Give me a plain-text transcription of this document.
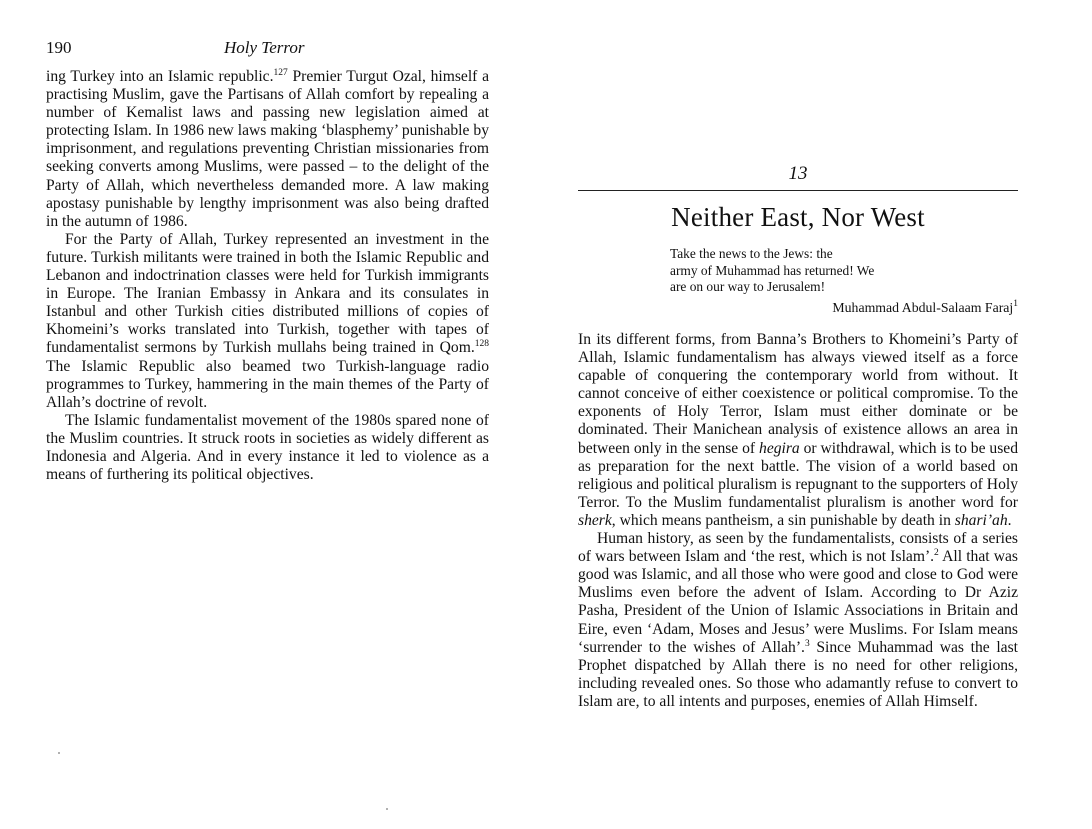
190	Holy Terror

ing Turkey into an Islamic republic.$^{127}$ Premier Turgut Ozal, himself a practising Muslim, gave the Partisans of Allah comfort by repealing a number of Kemalist laws and passing new legislation aimed at protecting Islam. In 1986 new laws making ‘blasphemy’ punishable by imprisonment, and regulations preventing Christian missionaries from seeking converts among Muslims, were passed – to the delight of the Party of Allah, which nevertheless demanded more. A law making apostasy punishable by lengthy imprisonment was also being drafted in the autumn of 1986.

For the Party of Allah, Turkey represented an investment in the future. Turkish militants were trained in both the Islamic Republic and Lebanon and indoctrination classes were held for Turkish immigrants in Europe. The Iranian Embassy in Ankara and its consulates in Istanbul and other Turkish cities distributed millions of copies of Khomeini’s works translated into Turkish, together with tapes of fundamentalist sermons by Turkish mullahs being trained in Qom.$^{128}$ The Islamic Republic also beamed two Turkish-language radio programmes to Turkey, hammering in the main themes of the Party of Allah’s doctrine of revolt.

The Islamic fundamentalist movement of the 1980s spared none of the Muslim countries. It struck roots in societies as widely different as Indonesia and Algeria. And in every instance it led to violence as a means of furthering its political objectives.

13
Neither East, Nor West
Take the news to the Jews: the
army of Muhammad has returned! We
are on our way to Jerusalem!
Muhammad Abdul-Salaam Faraj$^1$

In its different forms, from Banna’s Brothers to Khomeini’s Party of Allah, Islamic fundamentalism has always viewed itself as a force capable of conquering the contemporary world from without. It cannot conceive of either coexistence or political compromise. To the exponents of Holy Terror, Islam must either dominate or be dominated. Their Manichean analysis of existence allows an area in between only in the sense of hegira or withdrawal, which is to be used as preparation for the next battle. The vision of a world based on religious and political pluralism is repugnant to the supporters of Holy Terror. To the Muslim fundamentalist pluralism is another word for sherk, which means pantheism, a sin punishable by death in shari’ah.

Human history, as seen by the fundamentalists, consists of a series of wars between Islam and ‘the rest, which is not Islam’.$^2$ All that was good was Islamic, and all those who were good and close to God were Muslims even before the advent of Islam. According to Dr Aziz Pasha, President of the Union of Islamic Associations in Britain and Eire, even ‘Adam, Moses and Jesus’ were Muslims. For Islam means ‘surrender to the wishes of Allah’.$^3$ Since Muhammad was the last Prophet dispatched by Allah there is no need for other religions, including revealed ones. So those who adamantly refuse to convert to Islam are, to all intents and purposes, enemies of Allah Himself.
